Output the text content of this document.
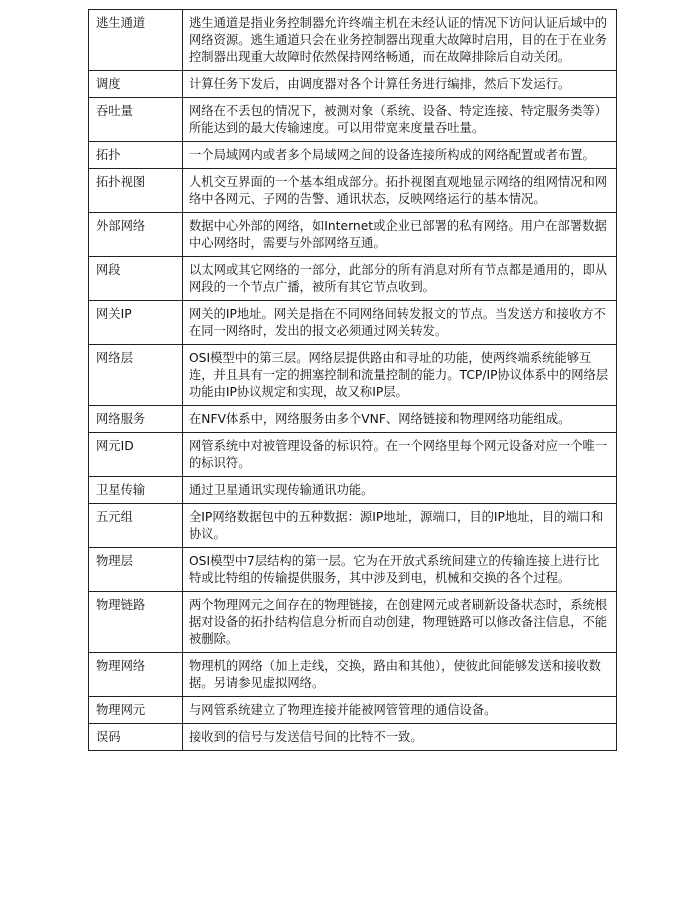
逃生通道	逃生通道是指业务控制器允许终端主机在未经认证的情况下访问认证后域中的网络资源。逃生通道只会在业务控制器出现重大故障时启用，目的在于在业务控制器出现重大故障时依然保持网络畅通，而在故障排除后自动关闭。
调度	计算任务下发后，由调度器对各个计算任务进行编排，然后下发运行。
吞吐量	网络在不丢包的情况下，被测对象（系统、设备、特定连接、特定服务类等）所能达到的最大传输速度。可以用带宽来度量吞吐量。
拓扑	一个局域网内或者多个局域网之间的设备连接所构成的网络配置或者布置。
拓扑视图	人机交互界面的一个基本组成部分。拓扑视图直观地显示网络的组网情况和网络中各网元、子网的告警、通讯状态，反映网络运行的基本情况。
外部网络	数据中心外部的网络，如Internet或企业已部署的私有网络。用户在部署数据中心网络时，需要与外部网络互通。
网段	以太网或其它网络的一部分，此部分的所有消息对所有节点都是通用的，即从网段的一个节点广播，被所有其它节点收到。
网关IP	网关的IP地址。网关是指在不同网络间转发报文的节点。当发送方和接收方不在同一网络时，发出的报文必须通过网关转发。
网络层	OSI模型中的第三层。网络层提供路由和寻址的功能，使两终端系统能够互连，并且具有一定的拥塞控制和流量控制的能力。TCP/IP协议体系中的网络层功能由IP协议规定和实现，故又称IP层。
网络服务	在NFV体系中，网络服务由多个VNF、网络链接和物理网络功能组成。
网元ID	网管系统中对被管理设备的标识符。在一个网络里每个网元设备对应一个唯一的标识符。
卫星传输	通过卫星通讯实现传输通讯功能。
五元组	全IP网络数据包中的五种数据：源IP地址，源端口，目的IP地址，目的端口和协议。
物理层	OSI模型中7层结构的第一层。它为在开放式系统间建立的传输连接上进行比特或比特组的传输提供服务，其中涉及到电，机械和交换的各个过程。
物理链路	两个物理网元之间存在的物理链接，在创建网元或者刷新设备状态时，系统根据对设备的拓扑结构信息分析而自动创建，物理链路可以修改备注信息，不能被删除。
物理网络	物理机的网络（加上走线，交换，路由和其他），使彼此间能够发送和接收数据。另请参见虚拟网络。
物理网元	与网管系统建立了物理连接并能被网管管理的通信设备。
误码	接收到的信号与发送信号间的比特不一致。
